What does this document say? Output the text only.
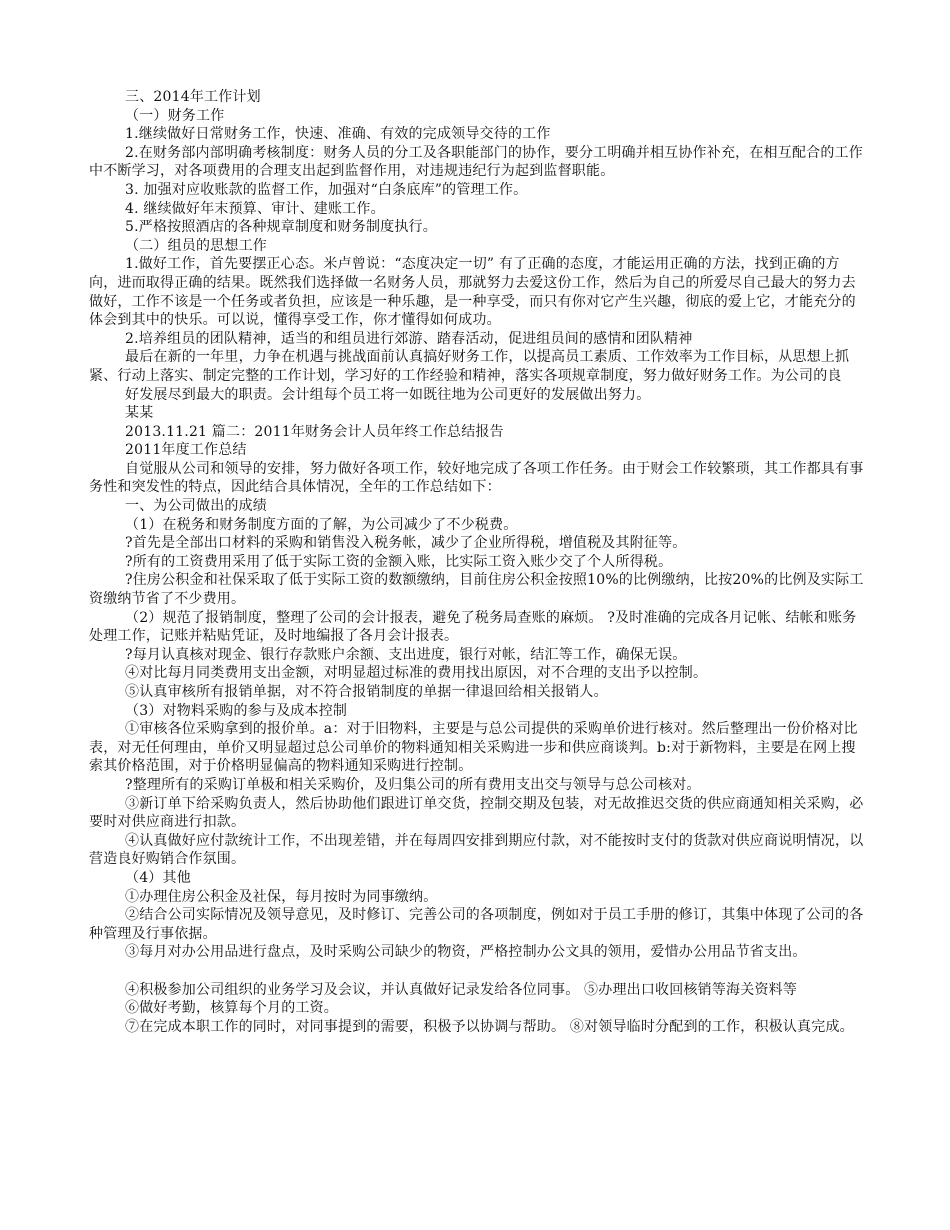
三、2014年工作计划

（一）财务工作

1.继续做好日常财务工作，快速、准确、有效的完成领导交待的工作

2.在财务部内部明确考核制度：财务人员的分工及各职能部门的协作，要分工明确并相互协作补充，在相互配合的工作中不断学习，对各项费用的合理支出起到监督作用，对违规违纪行为起到监督职能。

3. 加强对应收账款的监督工作，加强对“白条底库”的管理工作。

4. 继续做好年末预算、审计、建账工作。

5.严格按照酒店的各种规章制度和财务制度执行。

（二）组员的思想工作

1.做好工作，首先要摆正心态。米卢曾说：“态度决定一切” 有了正确的态度，才能运用正确的方法，找到正确的方向，进而取得正确的结果。既然我们选择做一名财务人员，那就努力去爱这份工作，然后为自己的所爱尽自己最大的努力去做好，工作不该是一个任务或者负担，应该是一种乐趣，是一种享受，而只有你对它产生兴趣，彻底的爱上它，才能充分的体会到其中的快乐。可以说，懂得享受工作，你才懂得如何成功。

2.培养组员的团队精神，适当的和组员进行郊游、踏春活动，促进组员间的感情和团队精神

最后在新的一年里，力争在机遇与挑战面前认真搞好财务工作，以提高员工素质、工作效率为工作目标，从思想上抓紧、行动上落实、制定完整的工作计划，学习好的工作经验和精神，落实各项规章制度，努力做好财务工作。为公司的良

好发展尽到最大的职责。会计组每个员工将一如既往地为公司更好的发展做出努力。

某某

2013.11.21 篇二：2011年财务会计人员年终工作总结报告

2011年度工作总结

自觉服从公司和领导的安排，努力做好各项工作，较好地完成了各项工作任务。由于财会工作较繁琐，其工作都具有事务性和突发性的特点，因此结合具体情况，全年的工作总结如下：

一、为公司做出的成绩

（1）在税务和财务制度方面的了解，为公司减少了不少税费。

?首先是全部出口材料的采购和销售没入税务帐，减少了企业所得税，增值税及其附征等。

?所有的工资费用采用了低于实际工资的金额入账，比实际工资入账少交了个人所得税。

?住房公积金和社保采取了低于实际工资的数额缴纳，目前住房公积金按照10%的比例缴纳，比按20%的比例及实际工资缴纳节省了不少费用。

（2）规范了报销制度，整理了公司的会计报表，避免了税务局查账的麻烦。 ?及时准确的完成各月记帐、结帐和账务处理工作，记账并粘贴凭证，及时地编报了各月会计报表。

?每月认真核对现金、银行存款账户余额、支出进度，银行对帐，结汇等工作，确保无误。

④对比每月同类费用支出金额，对明显超过标准的费用找出原因，对不合理的支出予以控制。

⑤认真审核所有报销单据，对不符合报销制度的单据一律退回给相关报销人。

（3）对物料采购的参与及成本控制

①审核各位采购拿到的报价单。a：对于旧物料，主要是与总公司提供的采购单价进行核对。然后整理出一份价格对比表，对无任何理由，单价又明显超过总公司单价的物料通知相关采购进一步和供应商谈判。b:对于新物料，主要是在网上搜索其价格范围，对于价格明显偏高的物料通知采购进行控制。

?整理所有的采购订单极和相关采购价，及归集公司的所有费用支出交与领导与总公司核对。

③新订单下给采购负责人，然后协助他们跟进订单交货，控制交期及包装，对无故推迟交货的供应商通知相关采购，必要时对供应商进行扣款。

④认真做好应付款统计工作，不出现差错，并在每周四安排到期应付款，对不能按时支付的货款对供应商说明情况，以营造良好购销合作氛围。

（4）其他

①办理住房公积金及社保，每月按时为同事缴纳。

②结合公司实际情况及领导意见，及时修订、完善公司的各项制度，例如对于员工手册的修订，其集中体现了公司的各种管理及行事依据。

③每月对办公用品进行盘点，及时采购公司缺少的物资，严格控制办公文具的领用，爱惜办公用品节省支出。

④积极参加公司组织的业务学习及会议，并认真做好记录发给各位同事。 ⑤办理出口收回核销等海关资料等

⑥做好考勤，核算每个月的工资。

⑦在完成本职工作的同时，对同事提到的需要，积极予以协调与帮助。 ⑧对领导临时分配到的工作，积极认真完成。
